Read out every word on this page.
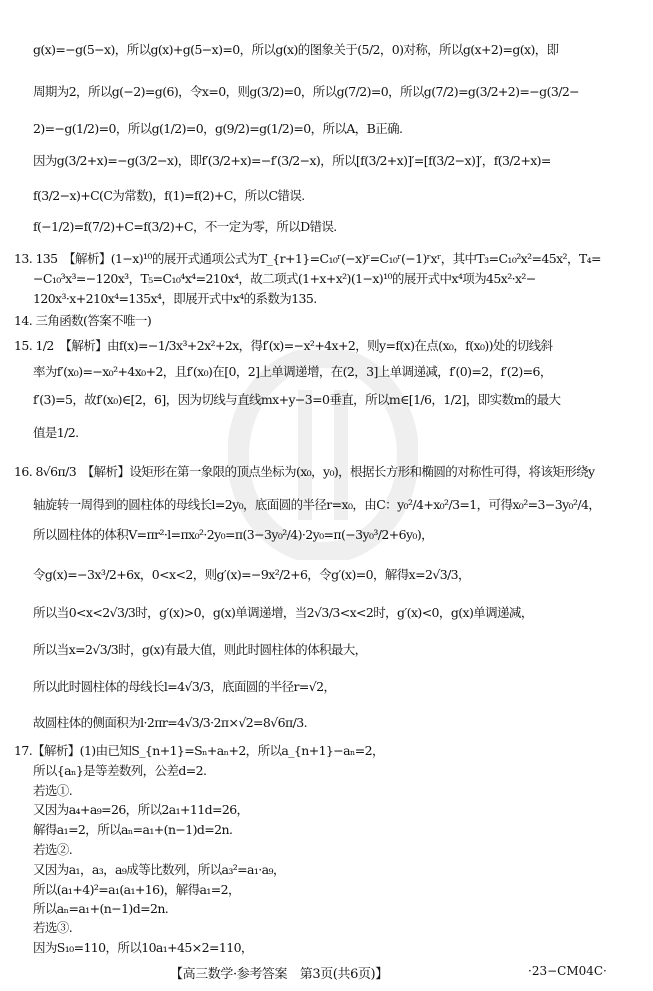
g(x)=−g(5−x)，所以g(x)+g(5−x)=0，所以g(x)的图象关于(5/2，0)对称，所以g(x+2)=g(x)，即
周期为2，所以g(−2)=g(6)，令x=0，则g(3/2)=0，所以g(7/2)=0，所以g(7/2)=g(3/2+2)=−g(3/2−
2)=−g(1/2)=0，所以g(1/2)=0，g(9/2)=g(1/2)=0，所以A，B正确.
因为g(3/2+x)=−g(3/2−x)，即f′(3/2+x)=−f′(3/2−x)，所以[f(3/2+x)]′=[f(3/2−x)]′，f(3/2+x)=
f(3/2−x)+C(C为常数)，f(1)=f(2)+C，所以C错误.
f(−1/2)=f(7/2)+C=f(3/2)+C，不一定为零，所以D错误.
13. 135　【解析】(1−x)¹⁰的展开式通项公式为T_{r+1}=C₁₀ʳ(−x)ʳ=C₁₀ʳ(−1)ʳxʳ，其中T₃=C₁₀²x²=45x²，T₄=
−C₁₀³x³=−120x³，T₅=C₁₀⁴x⁴=210x⁴，故二项式(1+x+x²)(1−x)¹⁰的展开式中x⁴项为45x²·x²−
120x³·x+210x⁴=135x⁴，即展开式中x⁴的系数为135.
14. 三角函数(答案不唯一)
15. 1/2　【解析】由f(x)=−1/3x³+2x²+2x，得f′(x)=−x²+4x+2，则y=f(x)在点(x₀，f(x₀))处的切线斜
率为f′(x₀)=−x₀²+4x₀+2，且f′(x₀)在[0，2]上单调递增，在(2，3]上单调递减，f′(0)=2，f′(2)=6，
f′(3)=5，故f′(x₀)∈[2，6]，因为切线与直线mx+y−3=0垂直，所以m∈[1/6，1/2]，即实数m的最大
值是1/2.
16. 8√6π/3　【解析】设矩形在第一象限的顶点坐标为(x₀，y₀)，根据长方形和椭圆的对称性可得，将该矩形绕y
轴旋转一周得到的圆柱体的母线长l=2y₀，底面圆的半径r=x₀，由C：y₀²/4+x₀²/3=1，可得x₀²=3−3y₀²/4，
所以圆柱体的体积V=πr²·l=πx₀²·2y₀=π(3−3y₀²/4)·2y₀=π(−3y₀³/2+6y₀)，
令g(x)=−3x³/2+6x，0<x<2，则g′(x)=−9x²/2+6，令g′(x)=0，解得x=2√3/3，
所以当0<x<2√3/3时，g′(x)>0，g(x)单调递增，当2√3/3<x<2时，g′(x)<0，g(x)单调递减，
所以当x=2√3/3时，g(x)有最大值，则此时圆柱体的体积最大，
所以此时圆柱体的母线长l=4√3/3，底面圆的半径r=√2，
故圆柱体的侧面积为l·2πr=4√3/3·2π×√2=8√6π/3.
17.【解析】(1)由已知S_{n+1}=Sₙ+aₙ+2，所以a_{n+1}−aₙ=2，
所以{aₙ}是等差数列，公差d=2.
若选①.
又因为a₄+a₉=26，所以2a₁+11d=26，
解得a₁=2，所以aₙ=a₁+(n−1)d=2n.
若选②.
又因为a₁，a₃，a₉成等比数列，所以a₃²=a₁·a₉，
所以(a₁+4)²=a₁(a₁+16)，解得a₁=2，
所以aₙ=a₁+(n−1)d=2n.
若选③.
因为S₁₀=110，所以10a₁+45×2=110，
【高三数学·参考答案　第3页(共6页)】	·23−CM04C·
